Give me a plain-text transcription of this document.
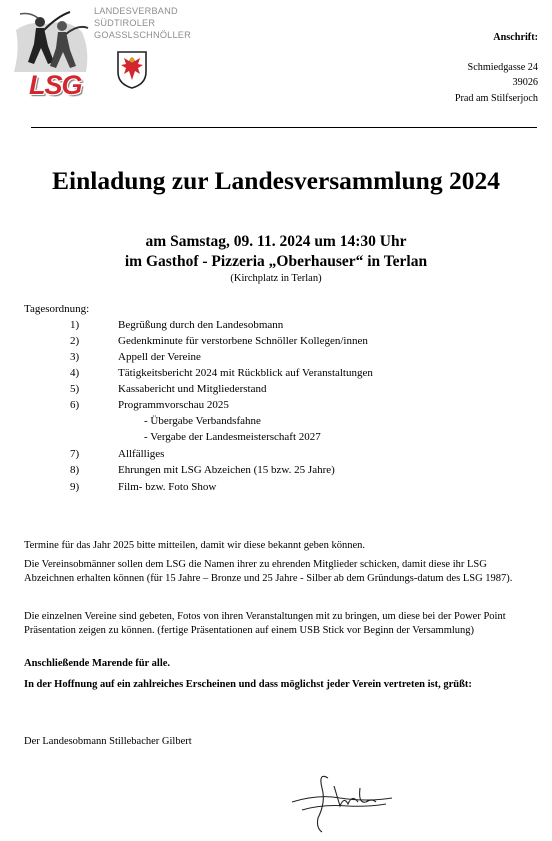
LANDESVERBAND
SÜDTIROLER
GOASSLSCHNÖLLER
LSG
Anschrift:
Schmiedgasse 24
39026
Prad am Stilfserjoch
Einladung zur Landesversammlung 2024
am Samstag, 09. 11. 2024 um 14:30 Uhr
im Gasthof - Pizzeria „Oberhauser“ in Terlan
(Kirchplatz in Terlan)
Tagesordnung:
1)	Begrüßung durch den Landesobmann
2)	Gedenkminute für verstorbene Schnöller Kollegen/innen
3)	Appell der Vereine
4)	Tätigkeitsbericht 2024 mit Rückblick auf Veranstaltungen
5)	Kassabericht und Mitgliederstand
6)	Programmvorschau 2025
- Übergabe Verbandsfahne
- Vergabe der Landesmeisterschaft 2027
7)	Allfälliges
8)	Ehrungen mit LSG Abzeichen (15 bzw. 25 Jahre)
9)	Film- bzw. Foto Show
Termine für das Jahr 2025 bitte mitteilen, damit wir diese bekannt geben können.
Die Vereinsobmänner sollen dem LSG die Namen ihrer zu ehrenden Mitglieder schicken, damit diese ihr LSG Abzeichnen erhalten können (für 15 Jahre – Bronze und 25 Jahre - Silber ab dem Gründungs-datum des LSG 1987).
Die einzelnen Vereine sind gebeten, Fotos von ihren Veranstaltungen mit zu bringen, um diese bei der Power Point Präsentation zeigen zu können. (fertige Präsentationen auf einem USB Stick vor Beginn der Versammlung)
Anschließende Marende für alle.
In der Hoffnung auf ein zahlreiches Erscheinen und dass möglichst jeder Verein vertreten ist, grüßt:
Der Landesobmann Stillebacher Gilbert
